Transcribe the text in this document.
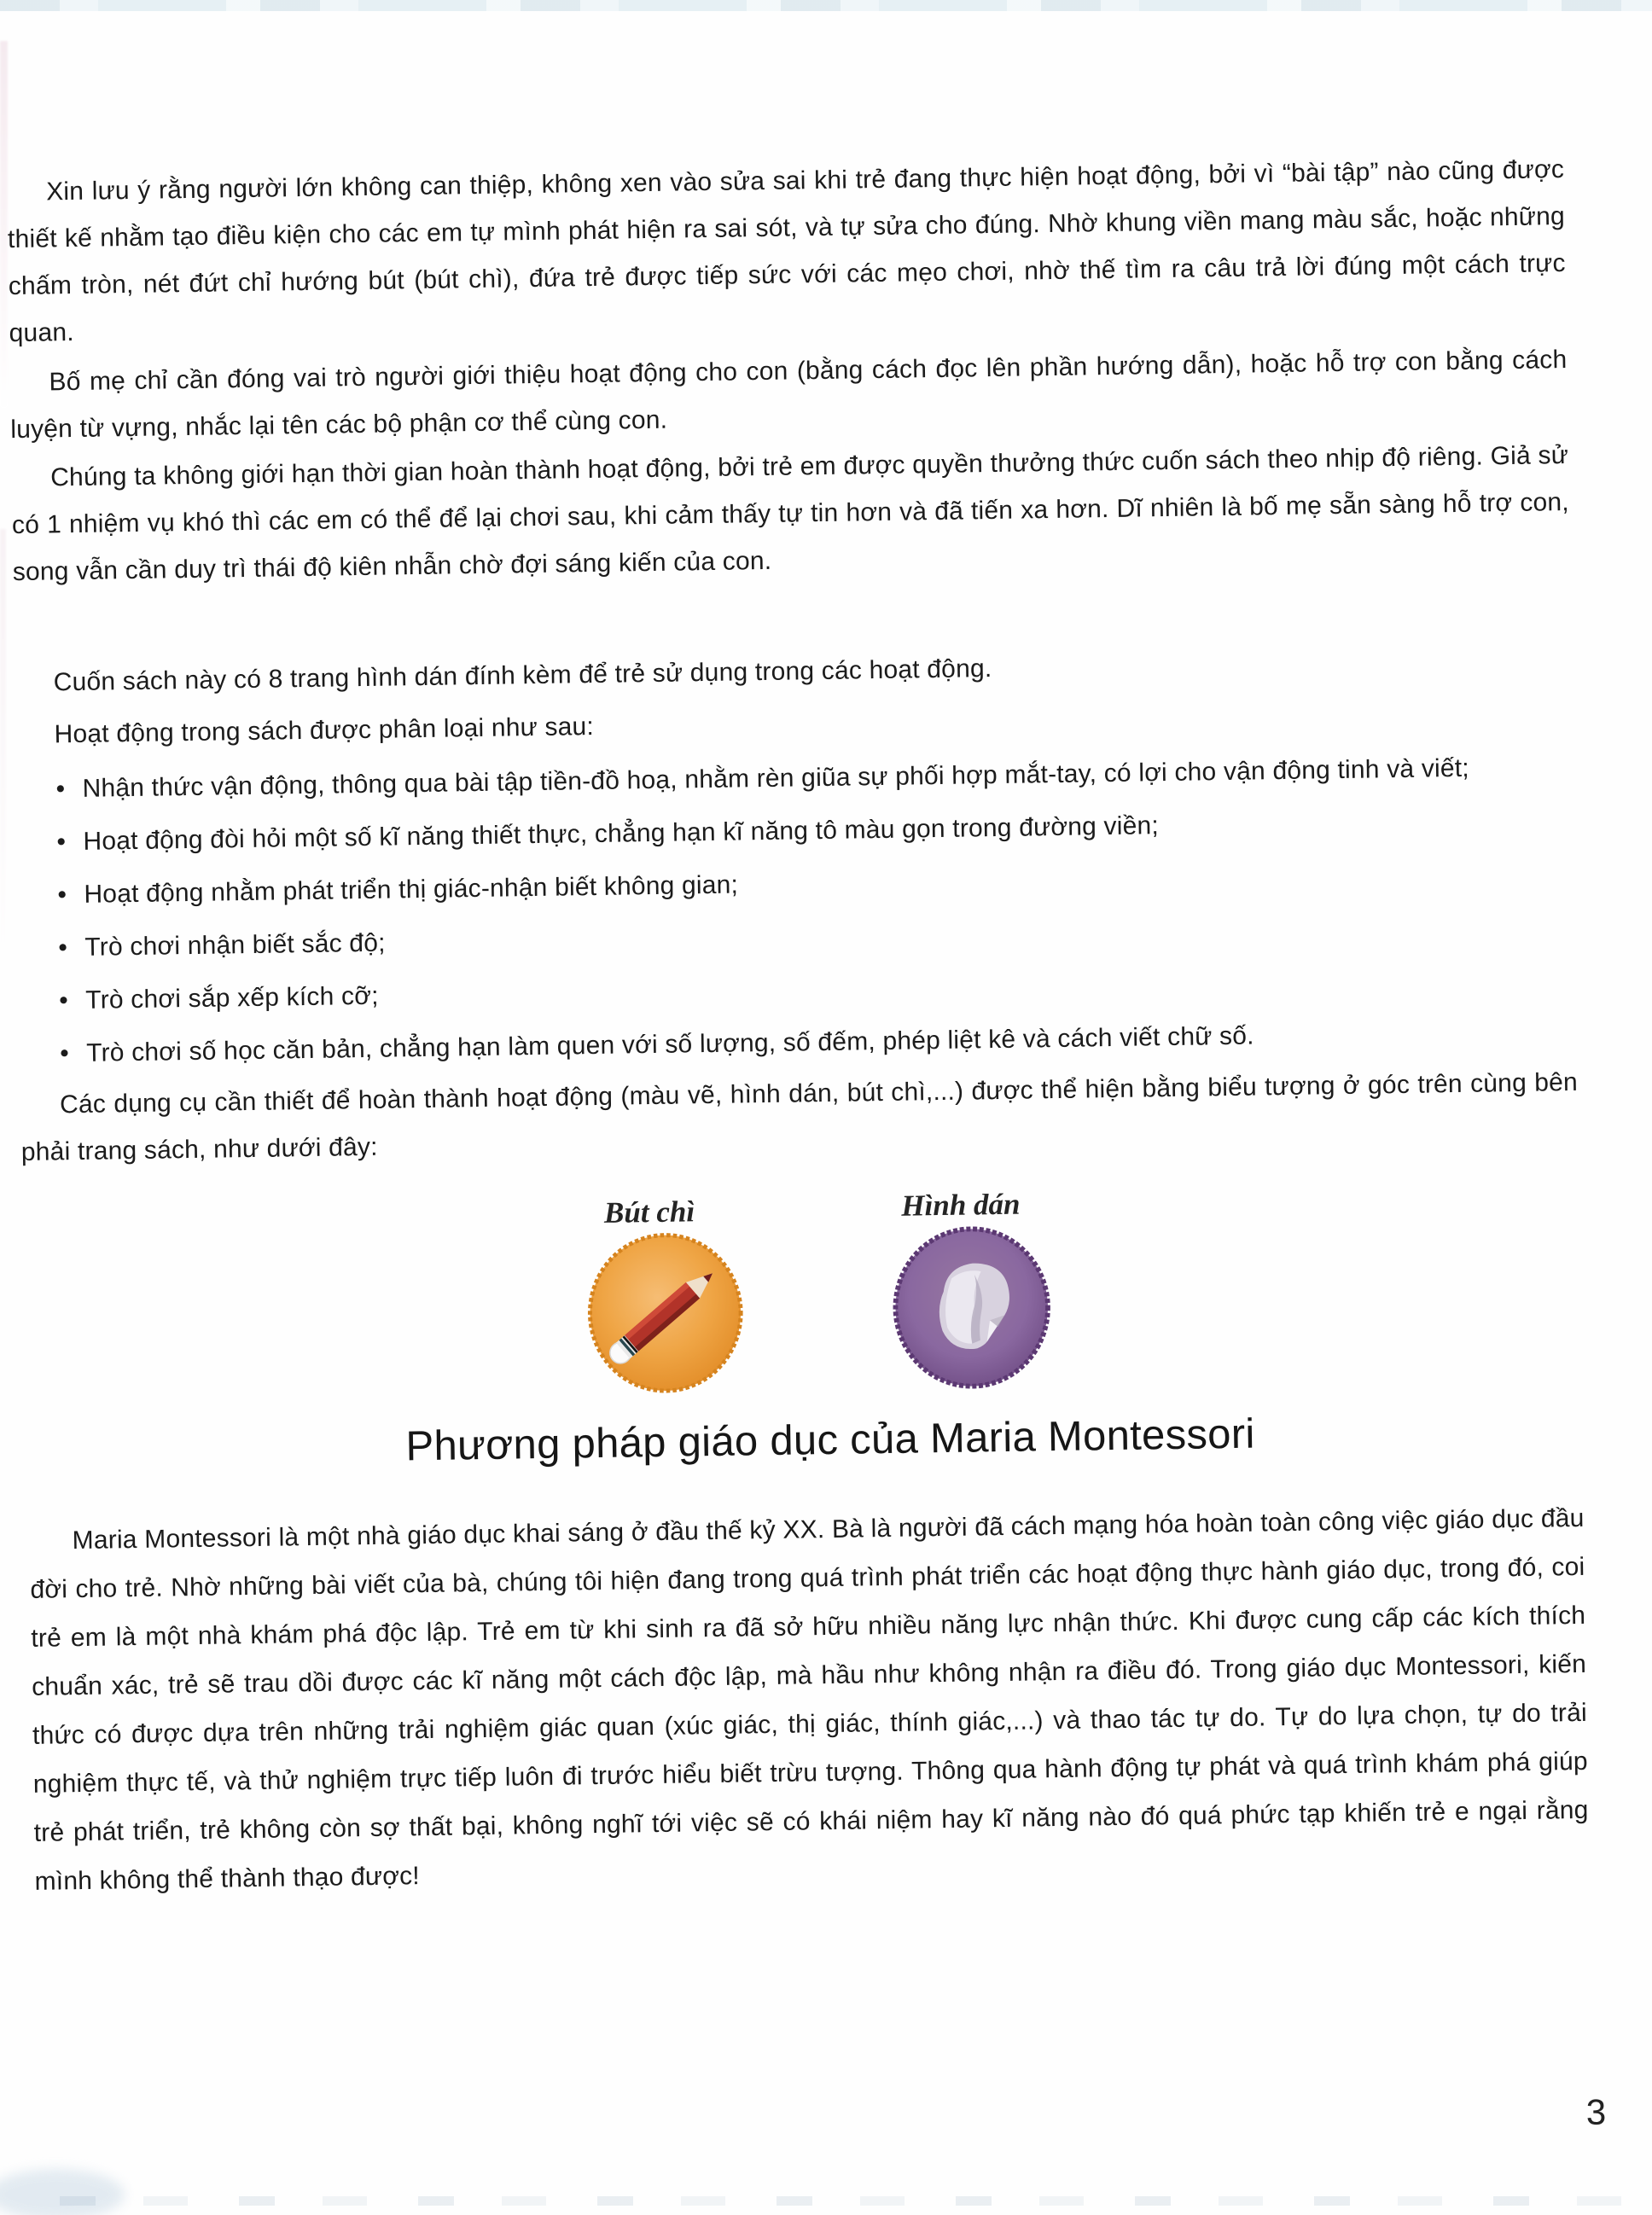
Xin lưu ý rằng người lớn không can thiệp, không xen vào sửa sai khi trẻ đang thực hiện hoạt động, bởi vì “bài tập” nào cũng được thiết kế nhằm tạo điều kiện cho các em tự mình phát hiện ra sai sót, và tự sửa cho đúng. Nhờ khung viền mang màu sắc, hoặc những chấm tròn, nét đứt chỉ hướng bút (bút chì), đứa trẻ được tiếp sức với các mẹo chơi, nhờ thế tìm ra câu trả lời đúng một cách trực quan.

Bố mẹ chỉ cần đóng vai trò người giới thiệu hoạt động cho con (bằng cách đọc lên phần hướng dẫn), hoặc hỗ trợ con bằng cách luyện từ vựng, nhắc lại tên các bộ phận cơ thể cùng con.

Chúng ta không giới hạn thời gian hoàn thành hoạt động, bởi trẻ em được quyền thưởng thức cuốn sách theo nhịp độ riêng. Giả sử có 1 nhiệm vụ khó thì các em có thể để lại chơi sau, khi cảm thấy tự tin hơn và đã tiến xa hơn. Dĩ nhiên là bố mẹ sẵn sàng hỗ trợ con, song vẫn cần duy trì thái độ kiên nhẫn chờ đợi sáng kiến của con.

Cuốn sách này có 8 trang hình dán đính kèm để trẻ sử dụng trong các hoạt động.

Hoạt động trong sách được phân loại như sau:

• Nhận thức vận động, thông qua bài tập tiền-đồ hoạ, nhằm rèn giũa sự phối hợp mắt-tay, có lợi cho vận động tinh và viết;
• Hoạt động đòi hỏi một số kĩ năng thiết thực, chẳng hạn kĩ năng tô màu gọn trong đường viền;
• Hoạt động nhằm phát triển thị giác-nhận biết không gian;
• Trò chơi nhận biết sắc độ;
• Trò chơi sắp xếp kích cỡ;
• Trò chơi số học căn bản, chẳng hạn làm quen với số lượng, số đếm, phép liệt kê và cách viết chữ số.

Các dụng cụ cần thiết để hoàn thành hoạt động (màu vẽ, hình dán, bút chì,...) được thể hiện bằng biểu tượng ở góc trên cùng bên phải trang sách, như dưới đây:

Bút chì	Hình dán

Phương pháp giáo dục của Maria Montessori

Maria Montessori là một nhà giáo dục khai sáng ở đầu thế kỷ XX. Bà là người đã cách mạng hóa hoàn toàn công việc giáo dục đầu đời cho trẻ. Nhờ những bài viết của bà, chúng tôi hiện đang trong quá trình phát triển các hoạt động thực hành giáo dục, trong đó, coi trẻ em là một nhà khám phá độc lập. Trẻ em từ khi sinh ra đã sở hữu nhiều năng lực nhận thức. Khi được cung cấp các kích thích chuẩn xác, trẻ sẽ trau dồi được các kĩ năng một cách độc lập, mà hầu như không nhận ra điều đó. Trong giáo dục Montessori, kiến thức có được dựa trên những trải nghiệm giác quan (xúc giác, thị giác, thính giác,...) và thao tác tự do. Tự do lựa chọn, tự do trải nghiệm thực tế, và thử nghiệm trực tiếp luôn đi trước hiểu biết trừu tượng. Thông qua hành động tự phát và quá trình khám phá giúp trẻ phát triển, trẻ không còn sợ thất bại, không nghĩ tới việc sẽ có khái niệm hay kĩ năng nào đó quá phức tạp khiến trẻ e ngại rằng mình không thể thành thạo được!

3
